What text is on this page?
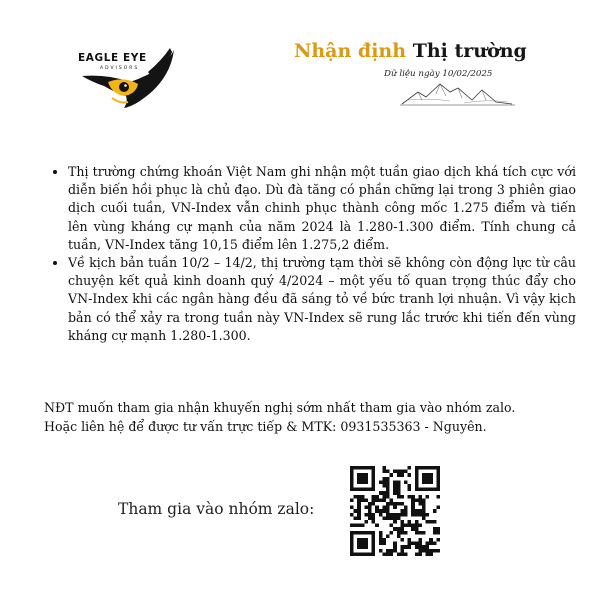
EAGLE EYE
ADVISORS
Nhận định Thị trường
Dữ liệu ngày 10/02/2025
• Thị trường chứng khoán Việt Nam ghi nhận một tuần giao dịch khá tích cực với diễn biến hồi phục là chủ đạo. Dù đà tăng có phần chững lại trong 3 phiên giao dịch cuối tuần, VN-Index vẫn chinh phục thành công mốc 1.275 điểm và tiến lên vùng kháng cự mạnh của năm 2024 là 1.280-1.300 điểm. Tính chung cả tuần, VN-Index tăng 10,15 điểm lên 1.275,2 điểm.
• Về kịch bản tuần 10/2 – 14/2, thị trường tạm thời sẽ không còn động lực từ câu chuyện kết quả kinh doanh quý 4/2024 – một yếu tố quan trọng thúc đẩy cho VN-Index khi các ngân hàng đều đã sáng tỏ về bức tranh lợi nhuận. Vì vậy kịch bản có thể xảy ra trong tuần này VN-Index sẽ rung lắc trước khi tiến đến vùng kháng cự mạnh 1.280-1.300.

NĐT muốn tham gia nhận khuyến nghị sớm nhất tham gia vào nhóm zalo.

Hoặc liên hệ để được tư vấn trực tiếp & MTK: 0931535363 - Nguyên.

Tham gia vào nhóm zalo:
